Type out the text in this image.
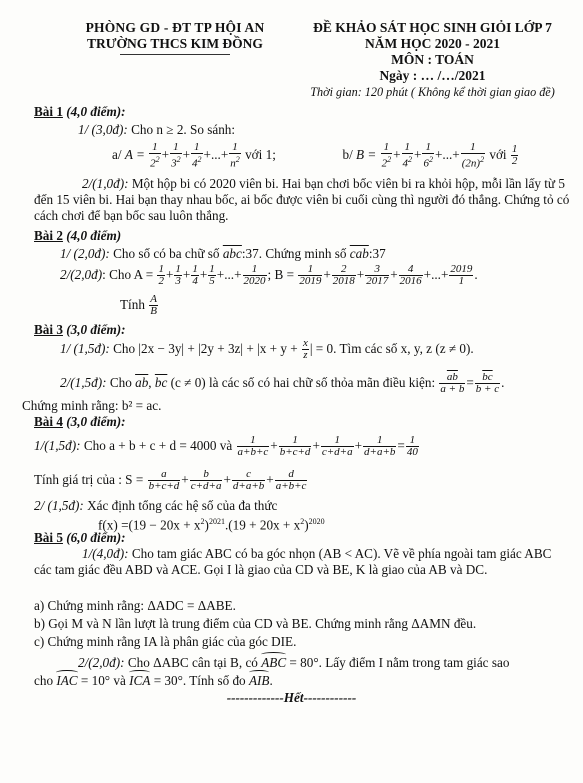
PHÒNG GD - ĐT TP HỘI AN
TRƯỜNG THCS KIM ĐỒNG
ĐỀ KHẢO SÁT HỌC SINH GIỎI LỚP 7
NĂM HỌC 2020 - 2021
MÔN : TOÁN
Ngày : … /…/2021
Thời gian: 120 phút ( Không kể thời gian giao đề)
Bài 1 (4,0 điểm):
1/ (3,0đ): Cho n ≥ 2. So sánh:
a/ $A = \frac{1}{2^2} + \frac{1}{3^2} + \frac{1}{4^2}$ +...+ $\frac{1}{n^2}$ với 1;	b/ $B = \frac{1}{2^2} + \frac{1}{4^2} + \frac{1}{6^2}$ +...+ $\frac{1}{(2n)^2}$ với $\frac{1}{2}$
2/(1,0đ): Một hộp bi có 2020 viên bi. Hai bạn chơi bốc viên bi ra khỏi hộp, mỗi lần lấy từ 5 đến 15 viên bi. Hai bạn thay nhau bốc, ai bốc được viên bi cuối cùng thì người đó thắng. Chứng tỏ có cách chơi để bạn bốc sau luôn thắng.
Bài 2 (4,0 điểm)
1/ (2,0đ): Cho số có ba chữ số $\overline{abc}:37$. Chứng minh số $\overline{cab}:37$
2/(2,0đ): Cho $A = \frac{1}{2} + \frac{1}{3} + \frac{1}{4} + \frac{1}{5}$ +...+ $\frac{1}{2020}$ ; $B = \frac{1}{2019} + \frac{2}{2018} + \frac{3}{2017} + \frac{4}{2016}$ +...+ $\frac{2019}{1}$ .
Tính $\frac{A}{B}$
Bài 3 (3,0 điểm):
1/ (1,5đ): Cho $|2x - 3y| + |2y + 3z| + |x + y + \frac{x}{z}$ | = 0. Tìm các số x, y, z (z ≠ 0).
2/(1,5đ): Cho $\overline{ab}$, $\overline{bc}$ (c ≠ 0) là các số có hai chữ số thỏa mãn điều kiện: $\frac{\overline{ab}}{a + b} = \frac{\overline{bc}}{b + c}$ .
Chứng minh rằng: b² = ac.
Bài 4 (3,0 điểm):
1/(1,5đ): Cho a + b + c + d = 4000 và $\frac{1}{a+b+c} + \frac{1}{b+c+d} + \frac{1}{c+d+a} + \frac{1}{d+a+b} = \frac{1}{40}$
Tính giá trị của : $S = \frac{a}{b+c+d} + \frac{b}{c+d+a} + \frac{c}{d+a+b} + \frac{d}{a+b+c}$
2/ (1,5đ): Xác định tổng các hệ số của đa thức
$f(x) =(19 - 20x + x^2)^{2021}.(19 + 20x + x^2)^{2020}$
Bài 5 (6,0 điểm):
1/(4,0đ): Cho tam giác ABC có ba góc nhọn (AB < AC). Vẽ về phía ngoài tam giác ABC các tam giác đều ABD và ACE. Gọi I là giao của CD và BE, K là giao của AB và DC.
a) Chứng minh rằng: ΔADC = ΔABE.
b) Gọi M và N lần lượt là trung điểm của CD và BE. Chứng minh rằng ΔAMN đều.
c) Chứng minh rằng IA là phân giác của góc DIE.
2/(2,0đ): Cho ΔABC cân tại B, có ABC = 80°. Lấy điểm I nằm trong tam giác sao
cho IAC = 10° và ICA = 30°. Tính số đo AIB.
-------------Hết------------
